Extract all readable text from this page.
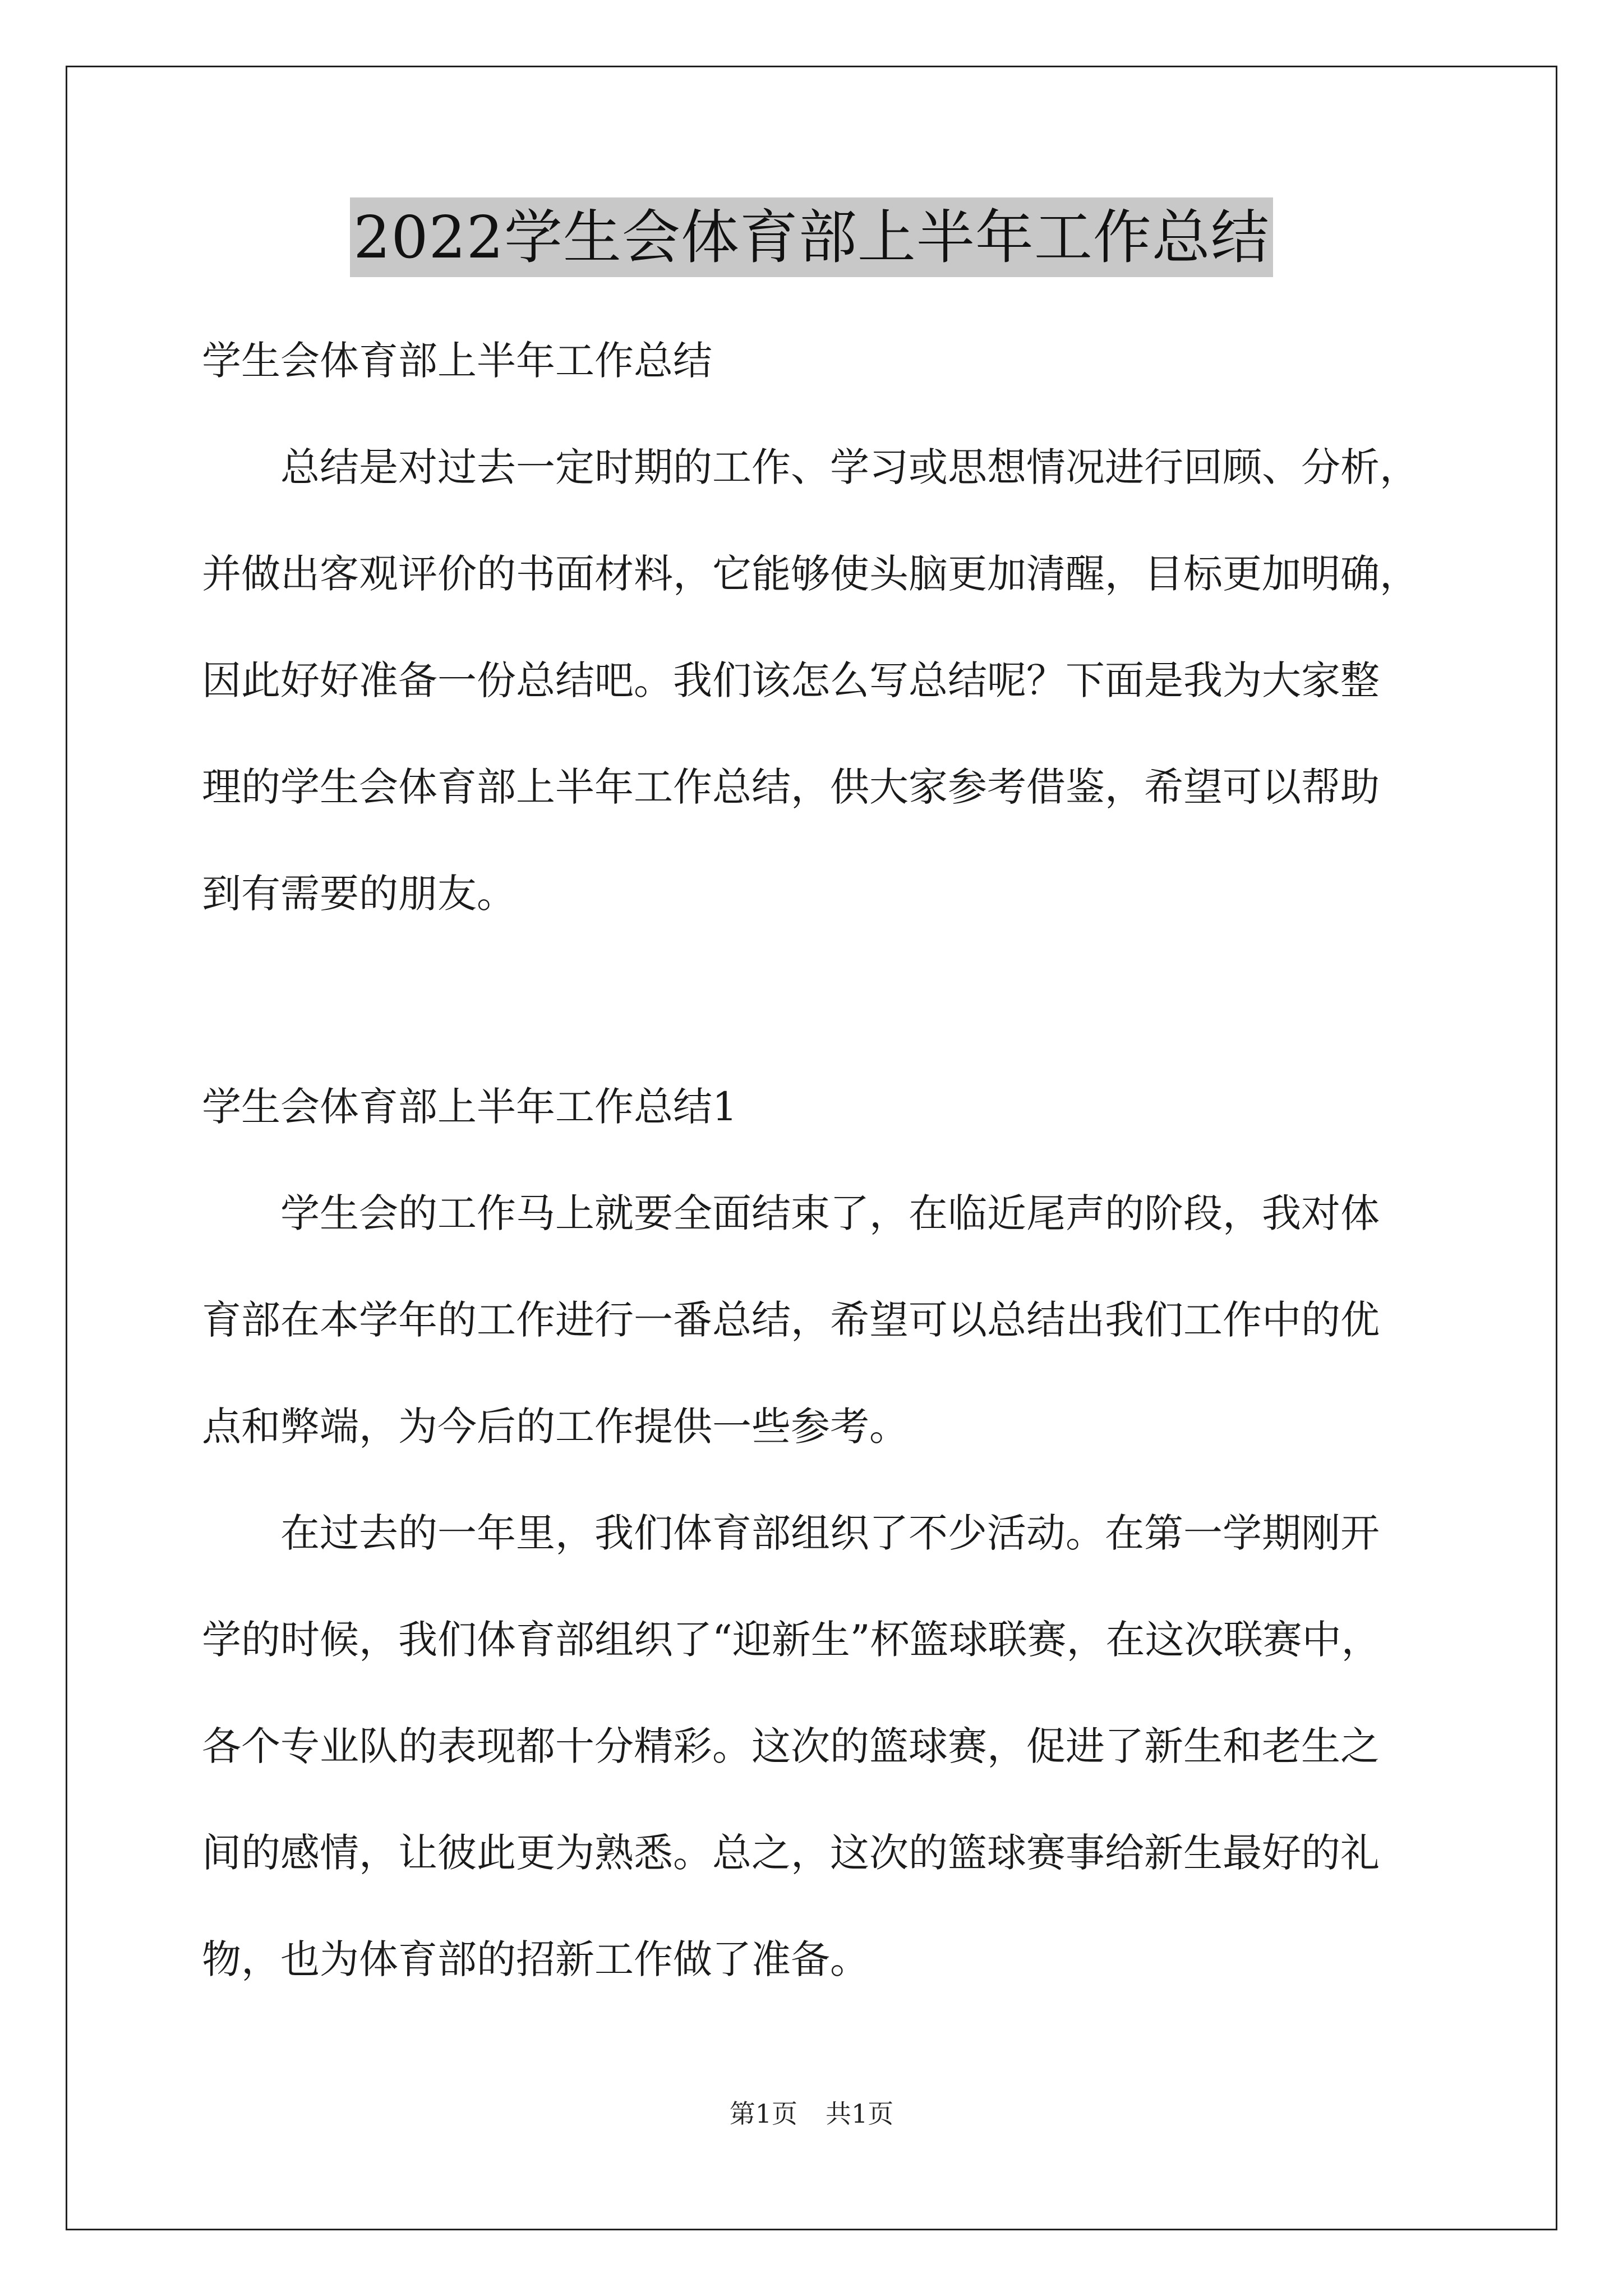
2022学生会体育部上半年工作总结
学生会体育部上半年工作总结
总结是对过去一定时期的工作、学习或思想情况进行回顾、分析，
并做出客观评价的书面材料，它能够使头脑更加清醒，目标更加明确，
因此好好准备一份总结吧。我们该怎么写总结呢？下面是我为大家整
理的学生会体育部上半年工作总结，供大家参考借鉴，希望可以帮助
到有需要的朋友。
学生会体育部上半年工作总结1
学生会的工作马上就要全面结束了，在临近尾声的阶段，我对体
育部在本学年的工作进行一番总结，希望可以总结出我们工作中的优
点和弊端，为今后的工作提供一些参考。
在过去的一年里，我们体育部组织了不少活动。在第一学期刚开
学的时候，我们体育部组织了“迎新生”杯篮球联赛，在这次联赛中，
各个专业队的表现都十分精彩。这次的篮球赛，促进了新生和老生之
间的感情，让彼此更为熟悉。总之，这次的篮球赛事给新生最好的礼
物，也为体育部的招新工作做了准备。
第1页 共1页
